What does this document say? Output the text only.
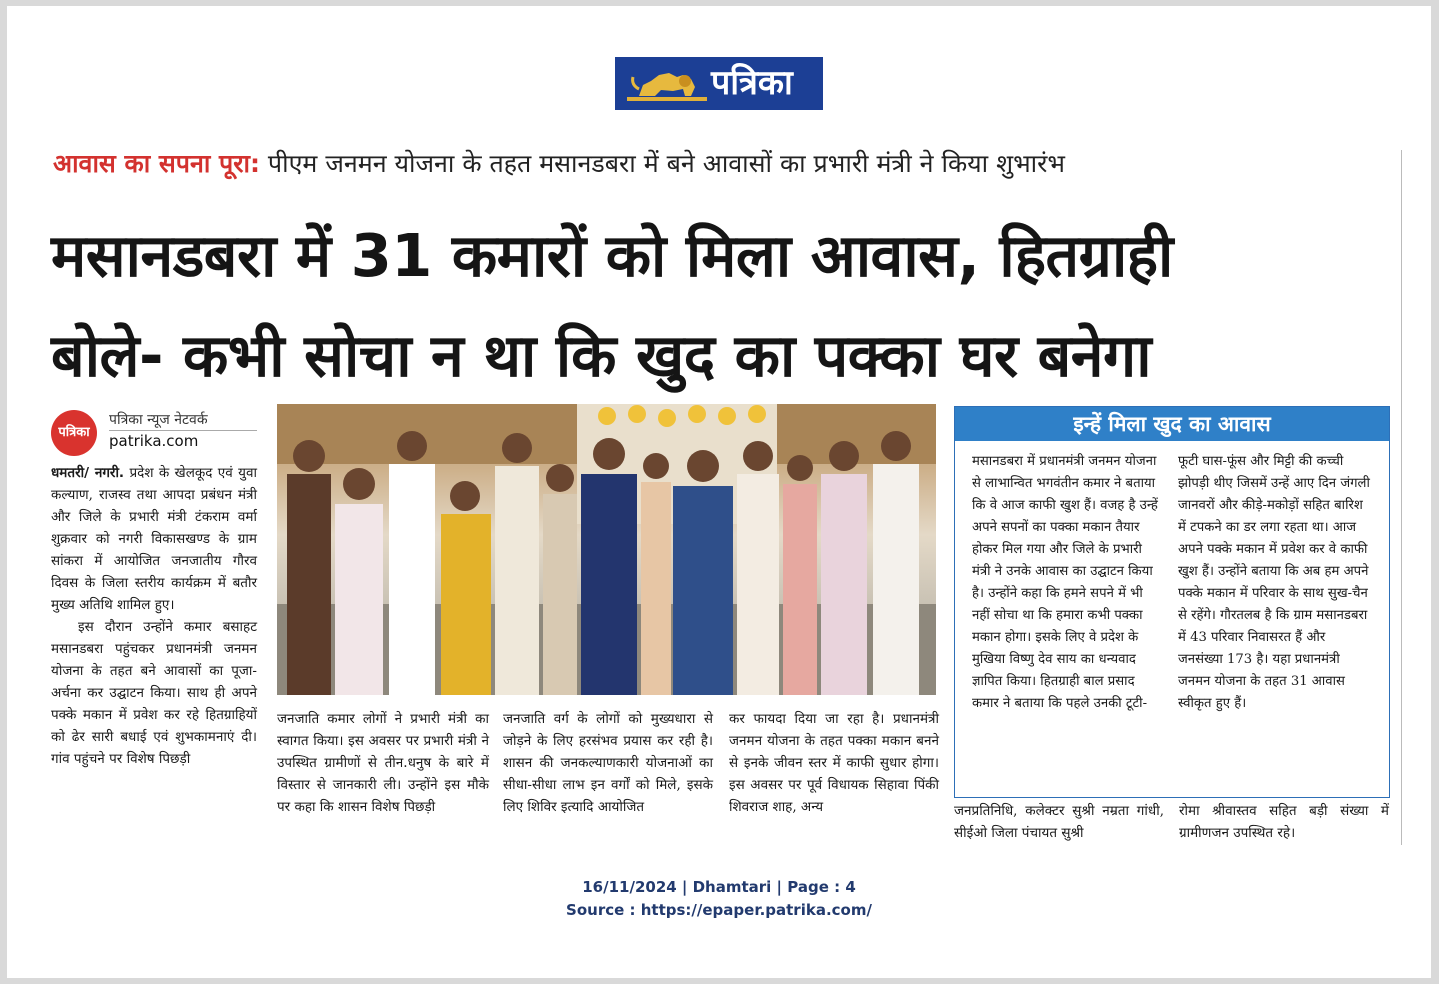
पत्रिका
आवास का सपना पूरा: पीएम जनमन योजना के तहत मसानडबरा में बने आवासों का प्रभारी मंत्री ने किया शुभारंभ
मसानडबरा में 31 कमारों को मिला आवास, हितग्राही
बोले- कभी सोचा न था कि खुद का पक्का घर बनेगा
पत्रिका
पत्रिका न्यूज नेटवर्क
patrika.com

धमतरी/ नगरी. प्रदेश के खेलकूद एवं युवा कल्याण, राजस्व तथा आपदा प्रबंधन मंत्री और जिले के प्रभारी मंत्री टंकराम वर्मा शुक्रवार को नगरी विकासखण्ड के ग्राम सांकरा में आयोजित जनजातीय गौरव दिवस के जिला स्तरीय कार्यक्रम में बतौर मुख्य अतिथि शामिल हुए।

इस दौरान उन्होंने कमार बसाहट मसानडबरा पहुंचकर प्रधानमंत्री जनमन योजना के तहत बने आवासों का पूजा-अर्चना कर उद्घाटन किया। साथ ही अपने पक्के मकान में प्रवेश कर रहे हितग्राहियों को ढेर सारी बधाई एवं शुभकामनाएं दी। गांव पहुंचने पर विशेष पिछड़ी

जनजाति कमार लोगों ने प्रभारी मंत्री का स्वागत किया। इस अवसर पर प्रभारी मंत्री ने उपस्थित ग्रामीणों से तीन.धनुष के बारे में विस्तार से जानकारी ली। उन्होंने इस मौके पर कहा कि शासन विशेष पिछड़ी

जनजाति वर्ग के लोगों को मुख्यधारा से जोड़ने के लिए हरसंभव प्रयास कर रही है। शासन की जनकल्याणकारी योजनाओं का सीधा-सीधा लाभ इन वर्गों को मिले, इसके लिए शिविर इत्यादि आयोजित

कर फायदा दिया जा रहा है। प्रधानमंत्री जनमन योजना के तहत पक्का मकान बनने से इनके जीवन स्तर में काफी सुधार होगा। इस अवसर पर पूर्व विधायक सिहावा पिंकी शिवराज शाह, अन्य

इन्हें मिला खुद का आवास

मसानडबरा में प्रधानमंत्री जनमन योजना से लाभान्वित भगवंतीन कमार ने बताया कि वे आज काफी खुश हैं। वजह है उन्हें अपने सपनों का पक्का मकान तैयार होकर मिल गया और जिले के प्रभारी मंत्री ने उनके आवास का उद्घाटन किया है। उन्होंने कहा कि हमने सपने में भी नहीं सोचा था कि हमारा कभी पक्का मकान होगा। इसके लिए वे प्रदेश के मुखिया विष्णु देव साय का धन्यवाद ज्ञापित किया। हितग्राही बाल प्रसाद कमार ने बताया कि पहले उनकी टूटी-

फूटी घास-फूंस और मिट्टी की कच्ची झोपड़ी थीए जिसमें उन्हें आए दिन जंगली जानवरों और कीड़े-मकोड़ों सहित बारिश में टपकने का डर लगा रहता था। आज अपने पक्के मकान में प्रवेश कर वे काफी खुश हैं। उन्होंने बताया कि अब हम अपने पक्के मकान में परिवार के साथ सुख-चैन से रहेंगे। गौरतलब है कि ग्राम मसानडबरा में 43 परिवार निवासरत हैं और जनसंख्या 173 है। यहा प्रधानमंत्री जनमन योजना के तहत 31 आवास स्वीकृत हुए हैं।

जनप्रतिनिधि, कलेक्टर सुश्री नम्रता गांधी, सीईओ जिला पंचायत सुश्री

रोमा श्रीवास्तव सहित बड़ी संख्या में ग्रामीणजन उपस्थित रहे।

16/11/2024 | Dhamtari | Page : 4
Source : https://epaper.patrika.com/
